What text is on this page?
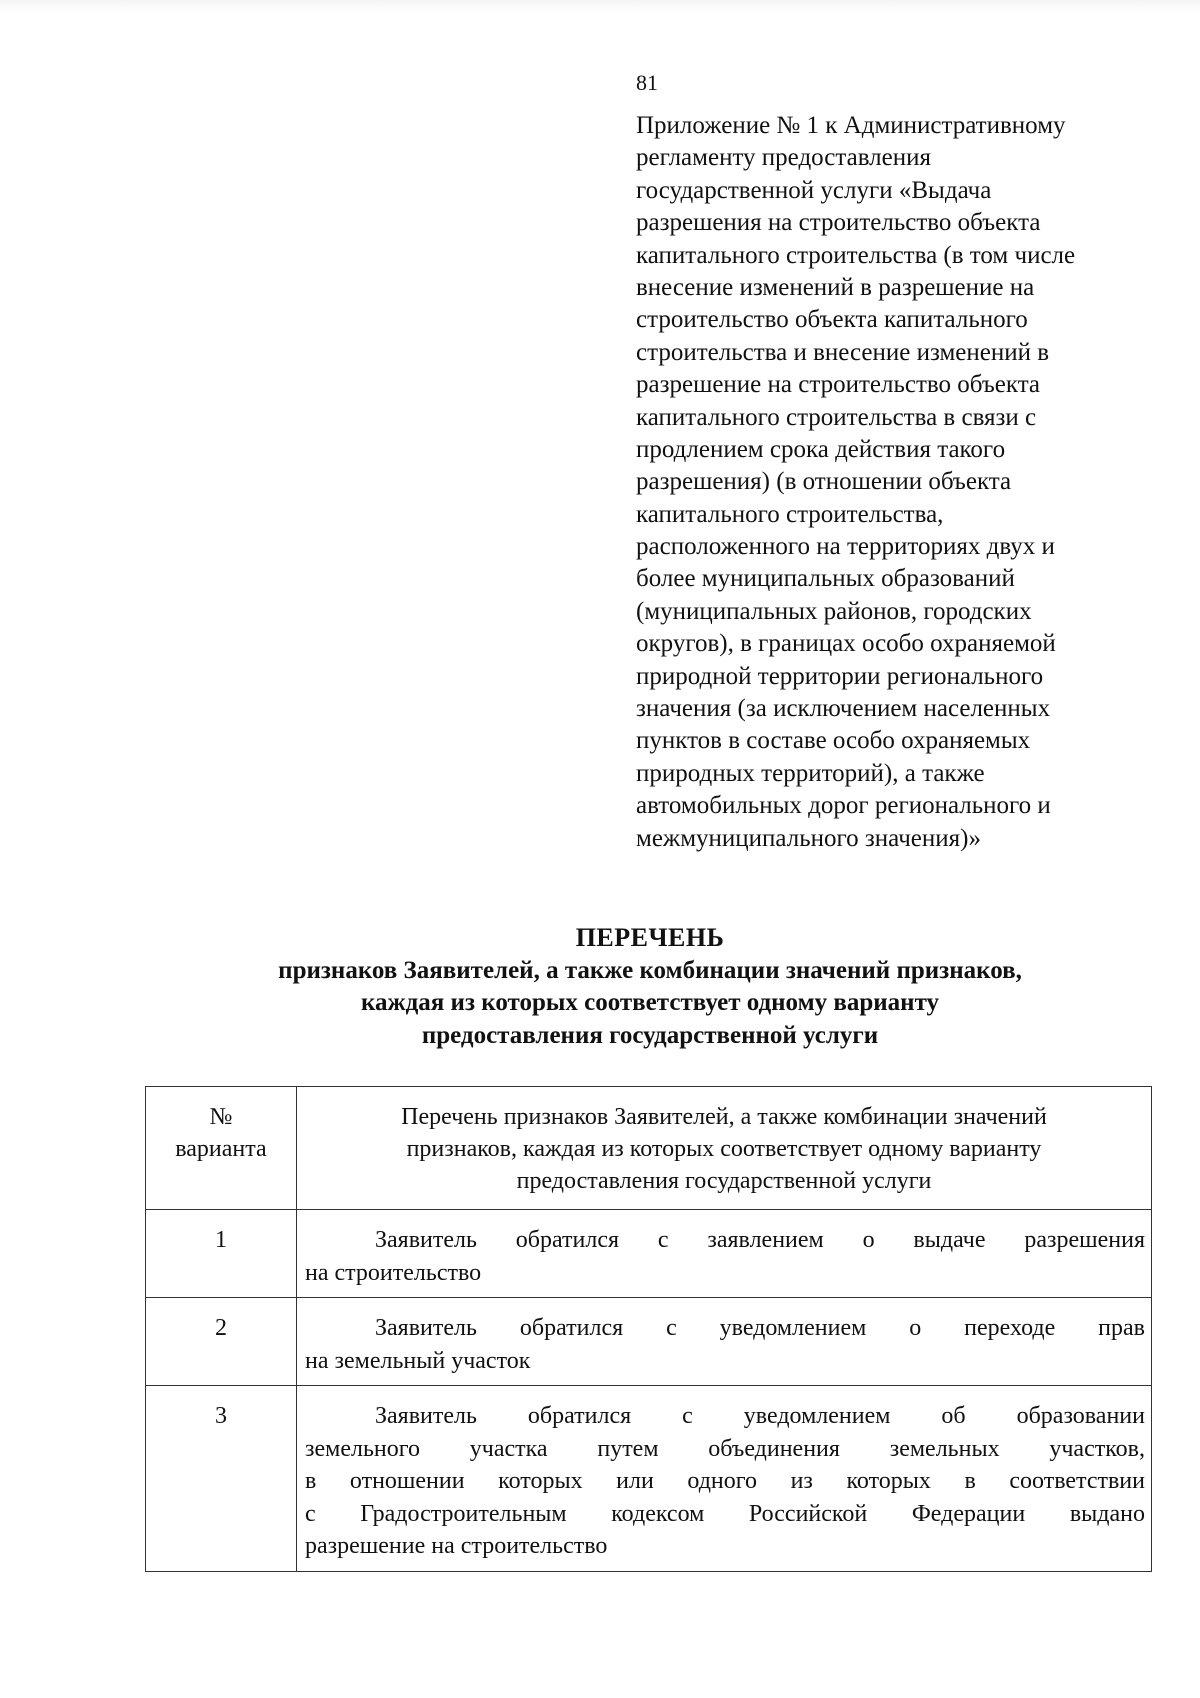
81
Приложение № 1 к Административному
регламенту предоставления
государственной услуги «Выдача
разрешения на строительство объекта
капитального строительства (в том числе
внесение изменений в разрешение на
строительство объекта капитального
строительства и внесение изменений в
разрешение на строительство объекта
капитального строительства в связи с
продлением срока действия такого
разрешения) (в отношении объекта
капитального строительства,
расположенного на территориях двух и
более муниципальных образований
(муниципальных районов, городских
округов), в границах особо охраняемой
природной территории регионального
значения (за исключением населенных
пунктов в составе особо охраняемых
природных территорий), а также
автомобильных дорог регионального и
межмуниципального значения)»
ПЕРЕЧЕНЬ
признаков Заявителей, а также комбинации значений признаков,
каждая из которых соответствует одному варианту
предоставления государственной услуги
№
варианта	Перечень признаков Заявителей, а также комбинации значений
признаков, каждая из которых соответствует одному варианту
предоставления государственной услуги

1	Заявитель обратился с заявлением о выдаче разрешения
на строительство

2	Заявитель обратился с уведомлением о переходе прав
на земельный участок

3	Заявитель обратился с уведомлением об образовании
земельного участка путем объединения земельных участков,
в отношении которых или одного из которых в соответствии
с Градостроительным кодексом Российской Федерации выдано
разрешение на строительство
